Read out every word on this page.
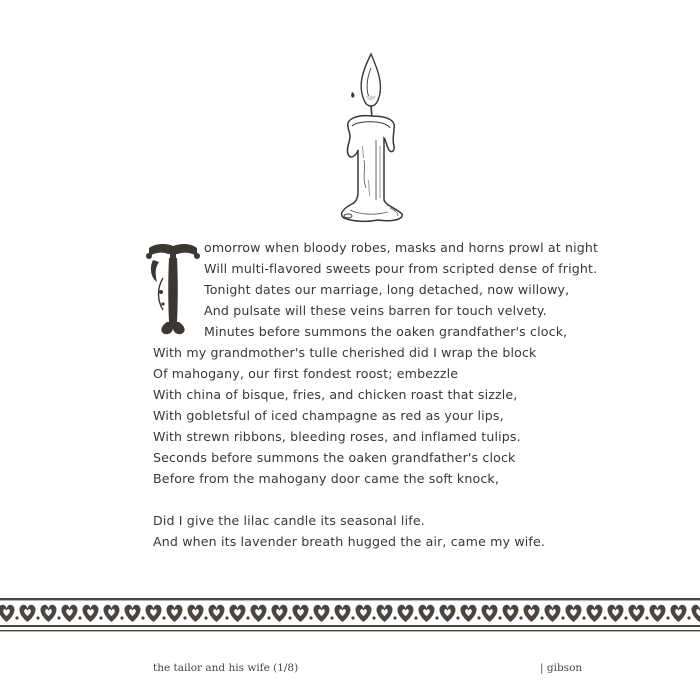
omorrow when bloody robes, masks and horns prowl at night
Will multi-flavored sweets pour from scripted dense of fright.
Tonight dates our marriage, long detached, now willowy,
And pulsate will these veins barren for touch velvety.
Minutes before summons the oaken grandfather's clock,
With my grandmother's tulle cherished did I wrap the block
Of mahogany, our first fondest roost; embezzle
With china of bisque, fries, and chicken roast that sizzle,
With gobletsful of iced champagne as red as your lips,
With strewn ribbons, bleeding roses, and inflamed tulips.
Seconds before summons the oaken grandfather's clock
Before from the mahogany door came the soft knock,
Did I give the lilac candle its seasonal life.
And when its lavender breath hugged the air, came my wife.
the tailor and his wife (1/8)	| gibson
